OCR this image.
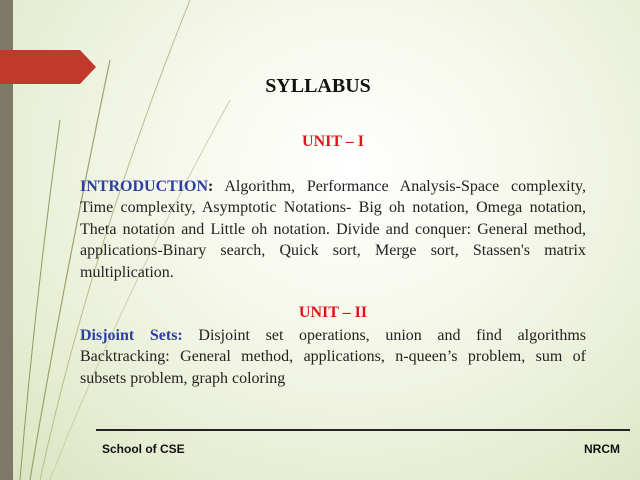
SYLLABUS
UNIT – I
INTRODUCTION: Algorithm, Performance Analysis-Space complexity, Time complexity, Asymptotic Notations- Big oh notation, Omega notation, Theta notation and Little oh notation. Divide and conquer: General method, applications-Binary search, Quick sort, Merge sort, Stassen's matrix multiplication.
UNIT – II
Disjoint Sets: Disjoint set operations, union and find algorithms Backtracking: General method, applications, n-queen’s problem, sum of subsets problem, graph coloring
School of CSE	NRCM
